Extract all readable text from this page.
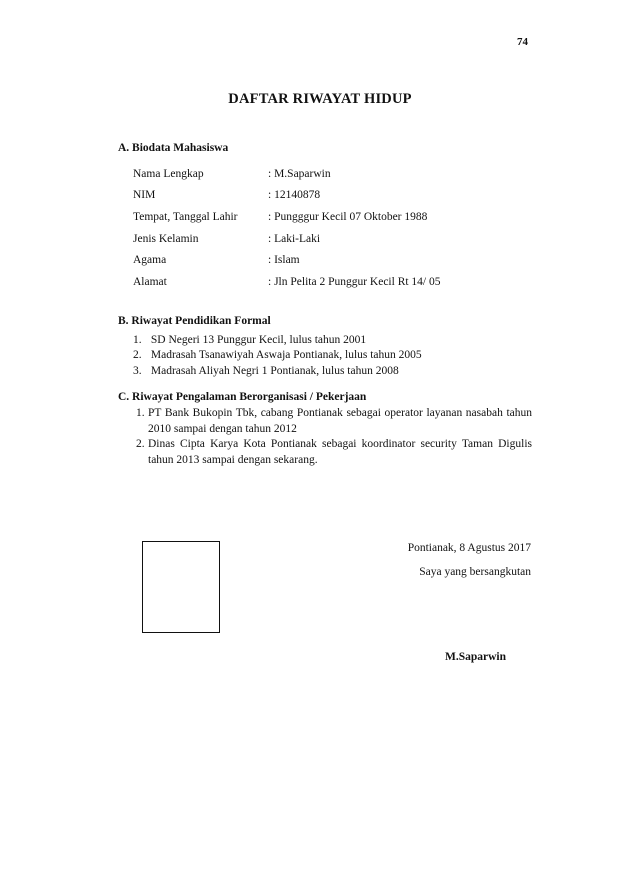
74
DAFTAR RIWAYAT HIDUP
A. Biodata Mahasiswa
Nama Lengkap	: M.Saparwin
NIM	: 12140878
Tempat, Tanggal Lahir	: Pungggur Kecil 07 Oktober 1988
Jenis Kelamin	: Laki-Laki
Agama	: Islam
Alamat	: Jln Pelita 2 Punggur Kecil Rt 14/ 05
B. Riwayat Pendidikan Formal
1. SD Negeri 13 Punggur Kecil, lulus tahun 2001
2. Madrasah Tsanawiyah Aswaja Pontianak, lulus tahun 2005
3. Madrasah Aliyah Negri 1 Pontianak, lulus tahun 2008
C. Riwayat Pengalaman Berorganisasi / Pekerjaan
1. PT Bank Bukopin Tbk, cabang Pontianak sebagai operator layanan nasabah tahun 2010 sampai dengan tahun 2012
2. Dinas Cipta Karya Kota Pontianak sebagai koordinator security Taman Digulis tahun 2013 sampai dengan sekarang.
Pontianak, 8 Agustus 2017
Saya yang bersangkutan
M.Saparwin
